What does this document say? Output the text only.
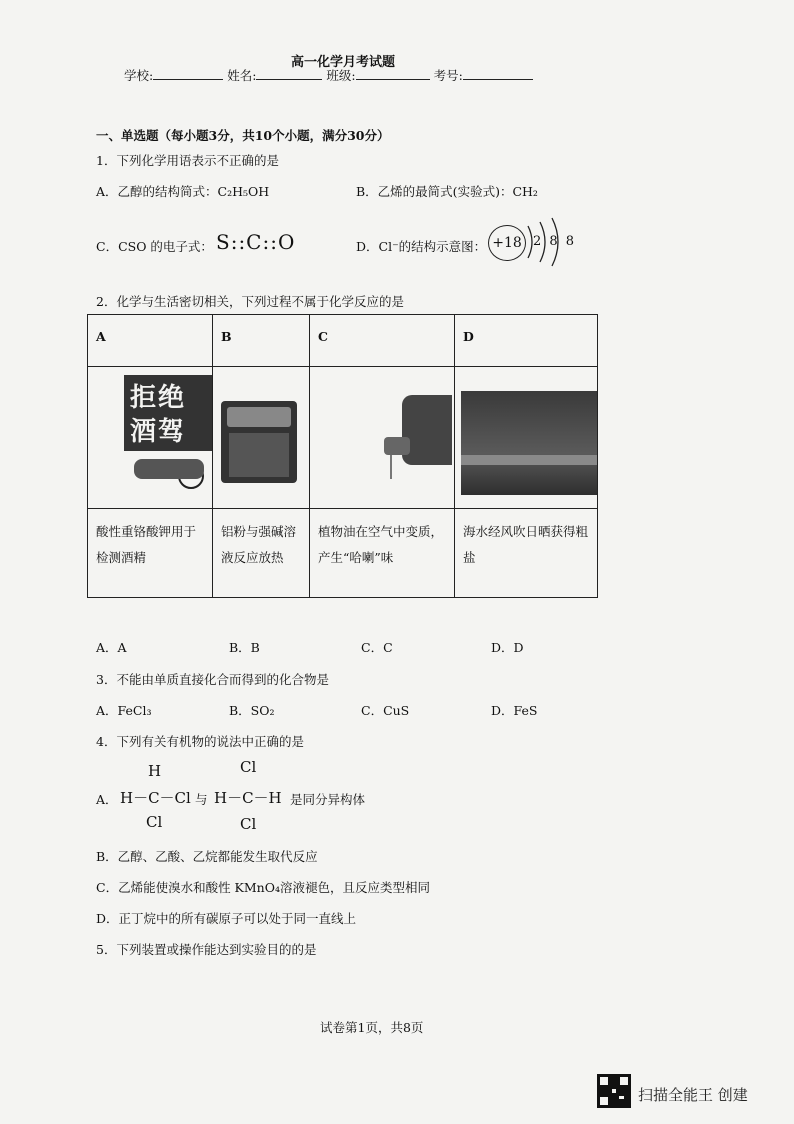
高一化学月考试题
学校:	姓名:	班级:	考号:
一、单选题（每小题3分，共10个小题，满分30分）
1．下列化学用语表示不正确的是
A．乙醇的结构简式：C₂H₅OH	B．乙烯的最简式(实验式)：CH₂
C．CSO 的电子式： S::C::O	D．Cl⁻的结构示意图： +18 2 8 8
2．化学与生活密切相关，下列过程不属于化学反应的是
A	B	C	D

拒绝
酒驾			

酸性重铬酸钾用于检测酒精	铝粉与强碱溶液反应放热	植物油在空气中变质，产生“哈喇”味	海水经风吹日晒获得粗盐
A．A	B．B	C．C	D．D
3．不能由单质直接化合而得到的化合物是
A．FeCl₃	B．SO₂	C．CuS	D．FeS
4．下列有关有机物的说法中正确的是
A．
H
H－C－Cl
Cl
与
Cl
H－C－H
Cl
是同分异构体
B．乙醇、乙酸、乙烷都能发生取代反应
C．乙烯能使溴水和酸性 KMnO₄溶液褪色，且反应类型相同
D．正丁烷中的所有碳原子可以处于同一直线上
5．下列装置或操作能达到实验目的的是
试卷第1页，共8页
扫描全能王 创建
